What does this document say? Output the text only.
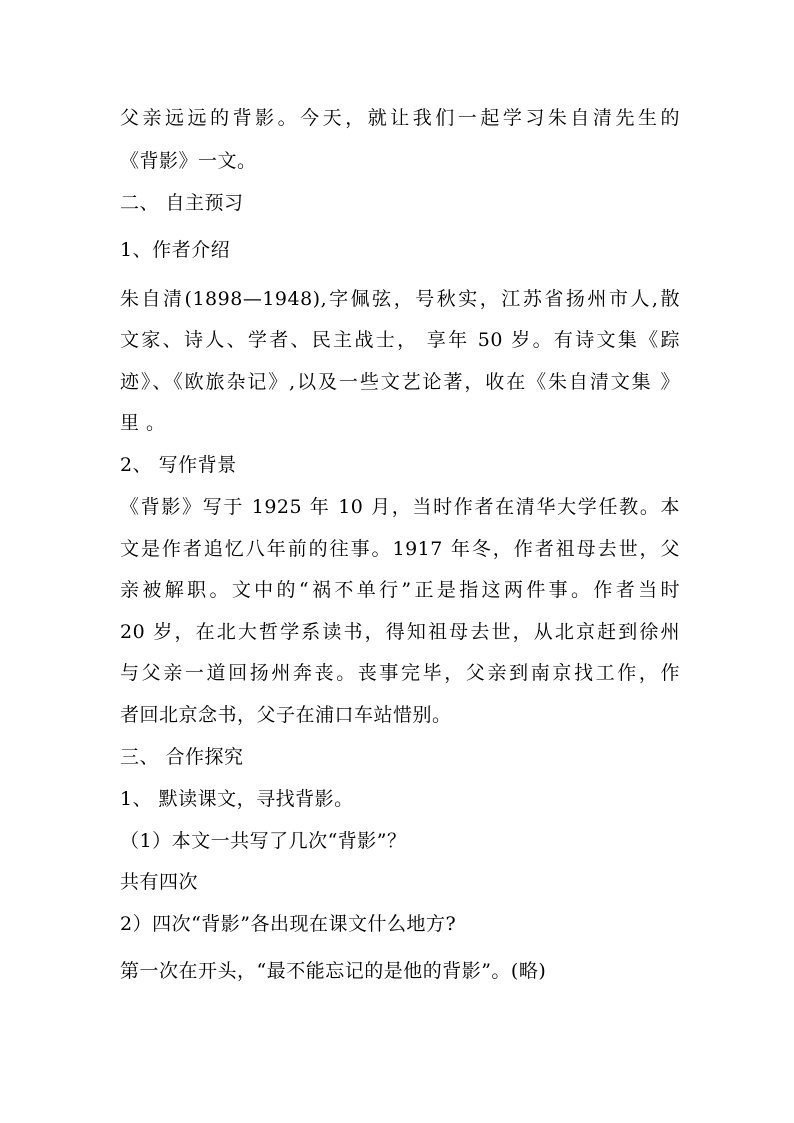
父亲远远的背影。今天，就让我们一起学习朱自清先生的
《背影》一文。
二、 自主预习
1、作者介绍
朱自清(1898—1948),字佩弦，号秋实，江苏省扬州市人,散
文家、诗人、学者、民主战士， 享年 50 岁。有诗文集《踪
迹》、《欧旅杂记》,以及一些文艺论著，收在《朱自清文集 》
里 。
2、 写作背景
《背影》写于 1925 年 10 月，当时作者在清华大学任教。本
文是作者追忆八年前的往事。1917 年冬，作者祖母去世，父
亲被解职。文中的“祸不单行”正是指这两件事。作者当时
20 岁，在北大哲学系读书，得知祖母去世，从北京赶到徐州
与父亲一道回扬州奔丧。丧事完毕，父亲到南京找工作，作
者回北京念书，父子在浦口车站惜别。
三、 合作探究
1、 默读课文，寻找背影。
（1）本文一共写了几次“背影”？
共有四次
2）四次“背影”各出现在课文什么地方?
第一次在开头，“最不能忘记的是他的背影”。(略)
